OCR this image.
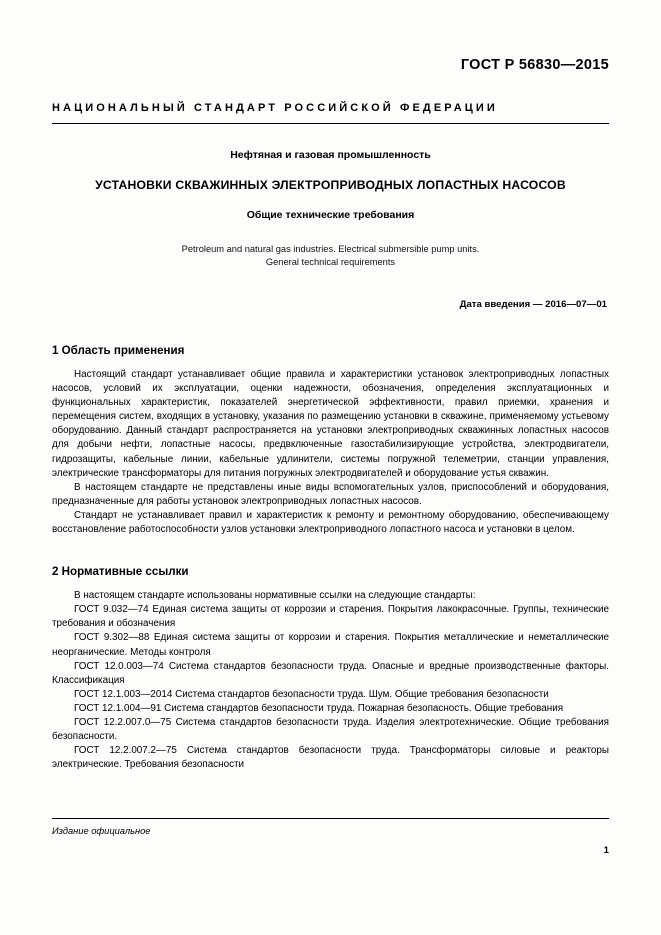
ГОСТ Р 56830—2015
НАЦИОНАЛЬНЫЙ СТАНДАРТ РОССИЙСКОЙ ФЕДЕРАЦИИ
Нефтяная и газовая промышленность
УСТАНОВКИ СКВАЖИННЫХ ЭЛЕКТРОПРИВОДНЫХ ЛОПАСТНЫХ НАСОСОВ
Общие технические требования
Petroleum and natural gas industries. Electrical submersible pump units.
General technical requirements
Дата введения — 2016—07—01
1 Область применения

Настоящий стандарт устанавливает общие правила и характеристики установок электроприводных лопастных насосов, условий их эксплуатации, оценки надежности, обозначения, определения эксплуатационных и функциональных характеристик, показателей энергетической эффективности, правил приемки, хранения и перемещения систем, входящих в установку, указания по размещению установки в скважине, применяемому устьевому оборудованию. Данный стандарт распространяется на установки электроприводных скважинных лопастных насосов для добычи нефти, лопастные насосы, предвключенные газостабилизирующие устройства, электродвигатели, гидрозащиты, кабельные линии, кабельные удлинители, системы погружной телеметрии, станции управления, электрические трансформаторы для питания погружных электродвигателей и оборудование устья скважин.

В настоящем стандарте не представлены иные виды вспомогательных узлов, приспособлений и оборудования, предназначенные для работы установок электроприводных лопастных насосов.

Стандарт не устанавливает правил и характеристик к ремонту и ремонтному оборудованию, обеспечивающему восстановление работоспособности узлов установки электроприводного лопастного насоса и установки в целом.

2 Нормативные ссылки

В настоящем стандарте использованы нормативные ссылки на следующие стандарты:

ГОСТ 9.032—74 Единая система защиты от коррозии и старения. Покрытия лакокрасочные. Группы, технические требования и обозначения

ГОСТ 9.302—88 Единая система защиты от коррозии и старения. Покрытия металлические и неметаллические неорганические. Методы контроля

ГОСТ 12.0.003—74 Система стандартов безопасности труда. Опасные и вредные производственные факторы. Классификация

ГОСТ 12.1.003—2014 Система стандартов безопасности труда. Шум. Общие требования безопасности

ГОСТ 12.1.004—91 Система стандартов безопасности труда. Пожарная безопасность. Общие требования

ГОСТ 12.2.007.0—75 Система стандартов безопасности труда. Изделия электротехнические. Общие требования безопасности.

ГОСТ 12.2.007.2—75 Система стандартов безопасности труда. Трансформаторы силовые и реакторы электрические. Требования безопасности

Издание официальное
1
